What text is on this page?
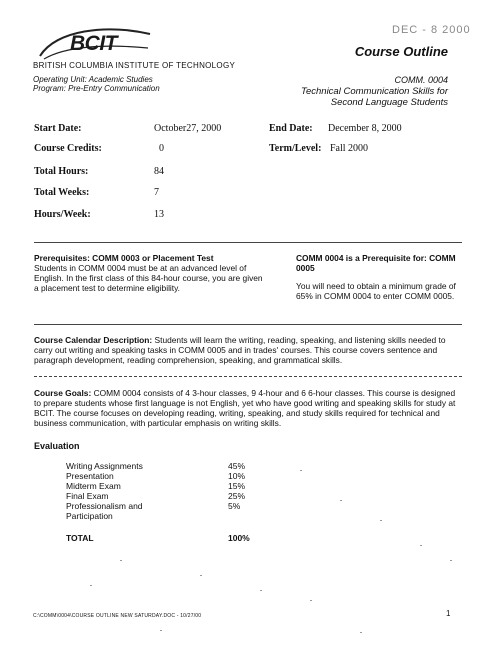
BCIT
DEC - 8 2000
Course Outline
BRITISH COLUMBIA INSTITUTE OF TECHNOLOGY
Operating Unit: Academic Studies
Program: Pre-Entry Communication
COMM. 0004
Technical Communication Skills for
Second Language Students
Start Date:	October27, 2000	End Date: December 8, 2000
Course Credits:	0	Term/Level: Fall 2000
Total Hours:	84
Total Weeks:	7
Hours/Week:	13
Prerequisites: COMM 0003 or Placement Test
Students in COMM 0004 must be at an advanced level of English. In the first class of this 84-hour course, you are given a placement test to determine eligibility.
COMM 0004 is a Prerequisite for: COMM 0005
You will need to obtain a minimum grade of 65% in COMM 0004 to enter COMM 0005.
Course Calendar Description: Students will learn the writing, reading, speaking, and listening skills needed to carry out writing and speaking tasks in COMM 0005 and in trades' courses. This course covers sentence and paragraph development, reading comprehension, speaking, and grammatical skills.
Course Goals: COMM 0004 consists of 4 3-hour classes, 9 4-hour and 6 6-hour classes. This course is designed to prepare students whose first language is not English, yet who have good writing and speaking skills for study at BCIT. The course focuses on developing reading, writing, speaking, and study skills required for technical and business communication, with particular emphasis on writing skills.
Evaluation
Writing Assignments	45%
Presentation	10%
Midterm Exam	15%
Final Exam	25%
Professionalism and	5%
Participation
TOTAL	100%
C:\COMM\0004\COURSE OUTLINE NEW SATURDAY.DOC - 10/27/00	1
